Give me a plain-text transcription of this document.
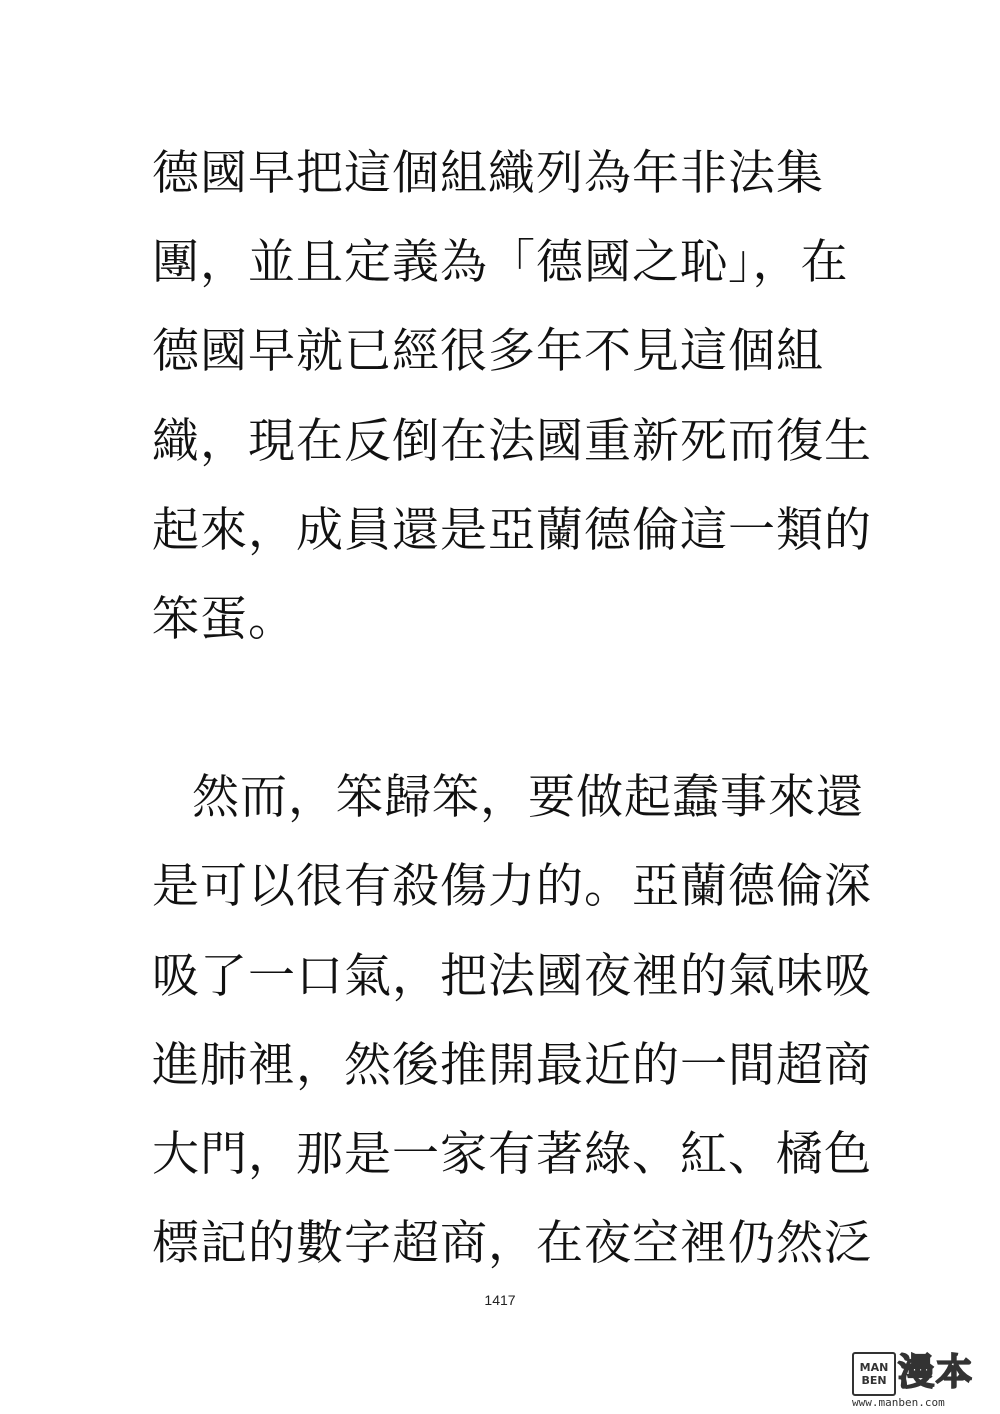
德國早把這個組織列為年非法集
團，並且定義為「德國之恥」，在
德國早就已經很多年不見這個組
織，現在反倒在法國重新死而復生
起來，成員還是亞蘭德倫這一類的
笨蛋。
然而，笨歸笨，要做起蠢事來還
是可以很有殺傷力的。亞蘭德倫深
吸了一口氣，把法國夜裡的氣味吸
進肺裡，然後推開最近的一間超商
大門，那是一家有著綠、紅、橘色
標記的數字超商，在夜空裡仍然泛
1417
MAN
BEN 漫本
www.manben.com
